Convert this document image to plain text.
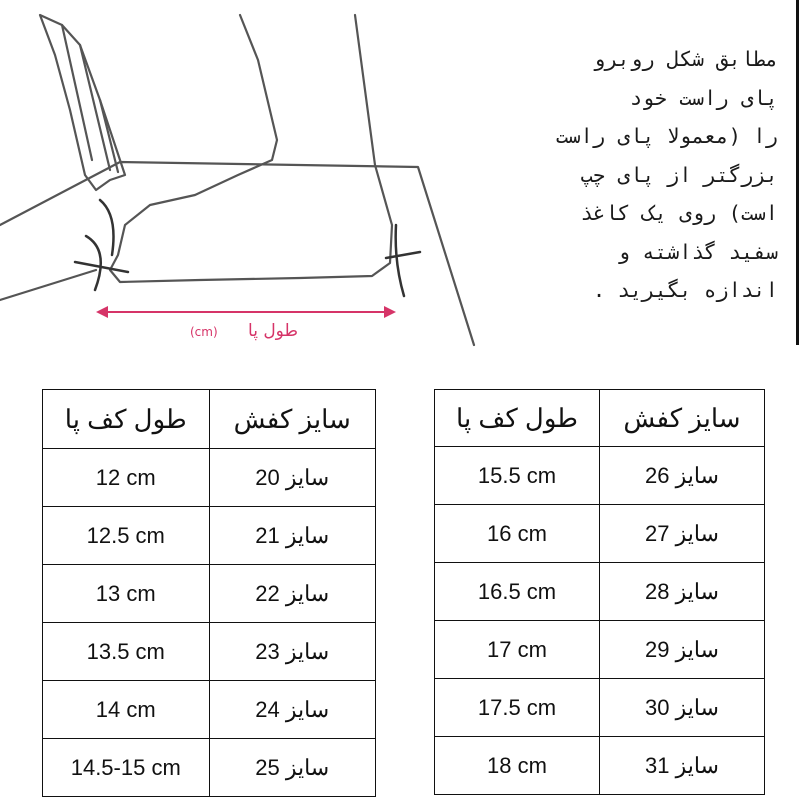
طول پا
(cm)
مطابق شکل روبرو
پای راست خود
را (معمولا پای راست
بزرگتر از پای چپ
است) روی یک کاغذ
سفید گذاشته و
اندازه بگیرید .
سایز کفش	طول کف پا
سایز 20	12 cm
سایز 21	12.5 cm
سایز 22	13 cm
سایز 23	13.5 cm
سایز 24	14 cm
سایز 25	14.5-15 cm
سایز کفش	طول کف پا
سایز 26	15.5 cm
سایز 27	16 cm
سایز 28	16.5 cm
سایز 29	17 cm
سایز 30	17.5 cm
سایز 31	18 cm
